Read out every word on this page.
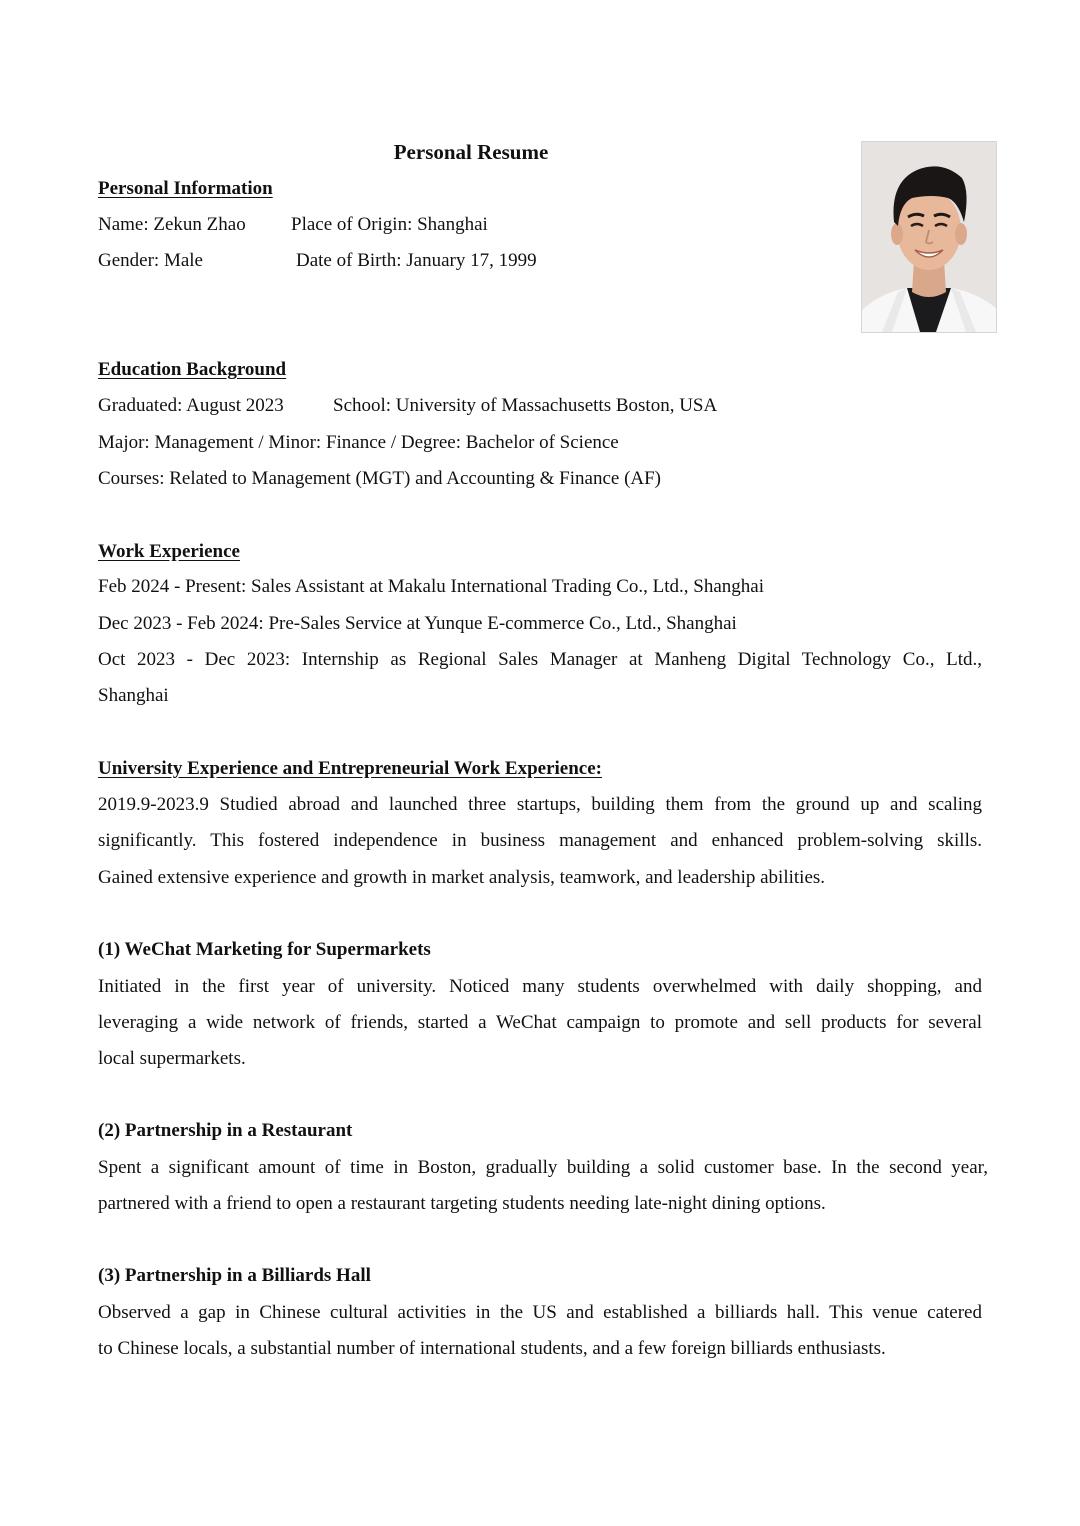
Personal Resume
Personal Information
Name: Zekun Zhao Place of Origin: Shanghai
Gender: Male	Date of Birth: January 17, 1999
Education Background
Graduated: August 2023	School: University of Massachusetts Boston, USA
Major: Management / Minor: Finance / Degree: Bachelor of Science
Courses: Related to Management (MGT) and Accounting & Finance (AF)
Work Experience
Feb 2024 - Present: Sales Assistant at Makalu International Trading Co., Ltd., Shanghai
Dec 2023 - Feb 2024: Pre-Sales Service at Yunque E-commerce Co., Ltd., Shanghai
Oct 2023 - Dec 2023: Internship as Regional Sales Manager at Manheng Digital Technology Co., Ltd.,
Shanghai
University Experience and Entrepreneurial Work Experience:
2019.9-2023.9 Studied abroad and launched three startups, building them from the ground up and scaling
significantly. This fostered independence in business management and enhanced problem-solving skills.
Gained extensive experience and growth in market analysis, teamwork, and leadership abilities.
(1) WeChat Marketing for Supermarkets
Initiated in the first year of university. Noticed many students overwhelmed with daily shopping, and
leveraging a wide network of friends, started a WeChat campaign to promote and sell products for several
local supermarkets.
(2) Partnership in a Restaurant
Spent a significant amount of time in Boston, gradually building a solid customer base. In the second year,
partnered with a friend to open a restaurant targeting students needing late-night dining options.
(3) Partnership in a Billiards Hall
Observed a gap in Chinese cultural activities in the US and established a billiards hall. This venue catered
to Chinese locals, a substantial number of international students, and a few foreign billiards enthusiasts.
